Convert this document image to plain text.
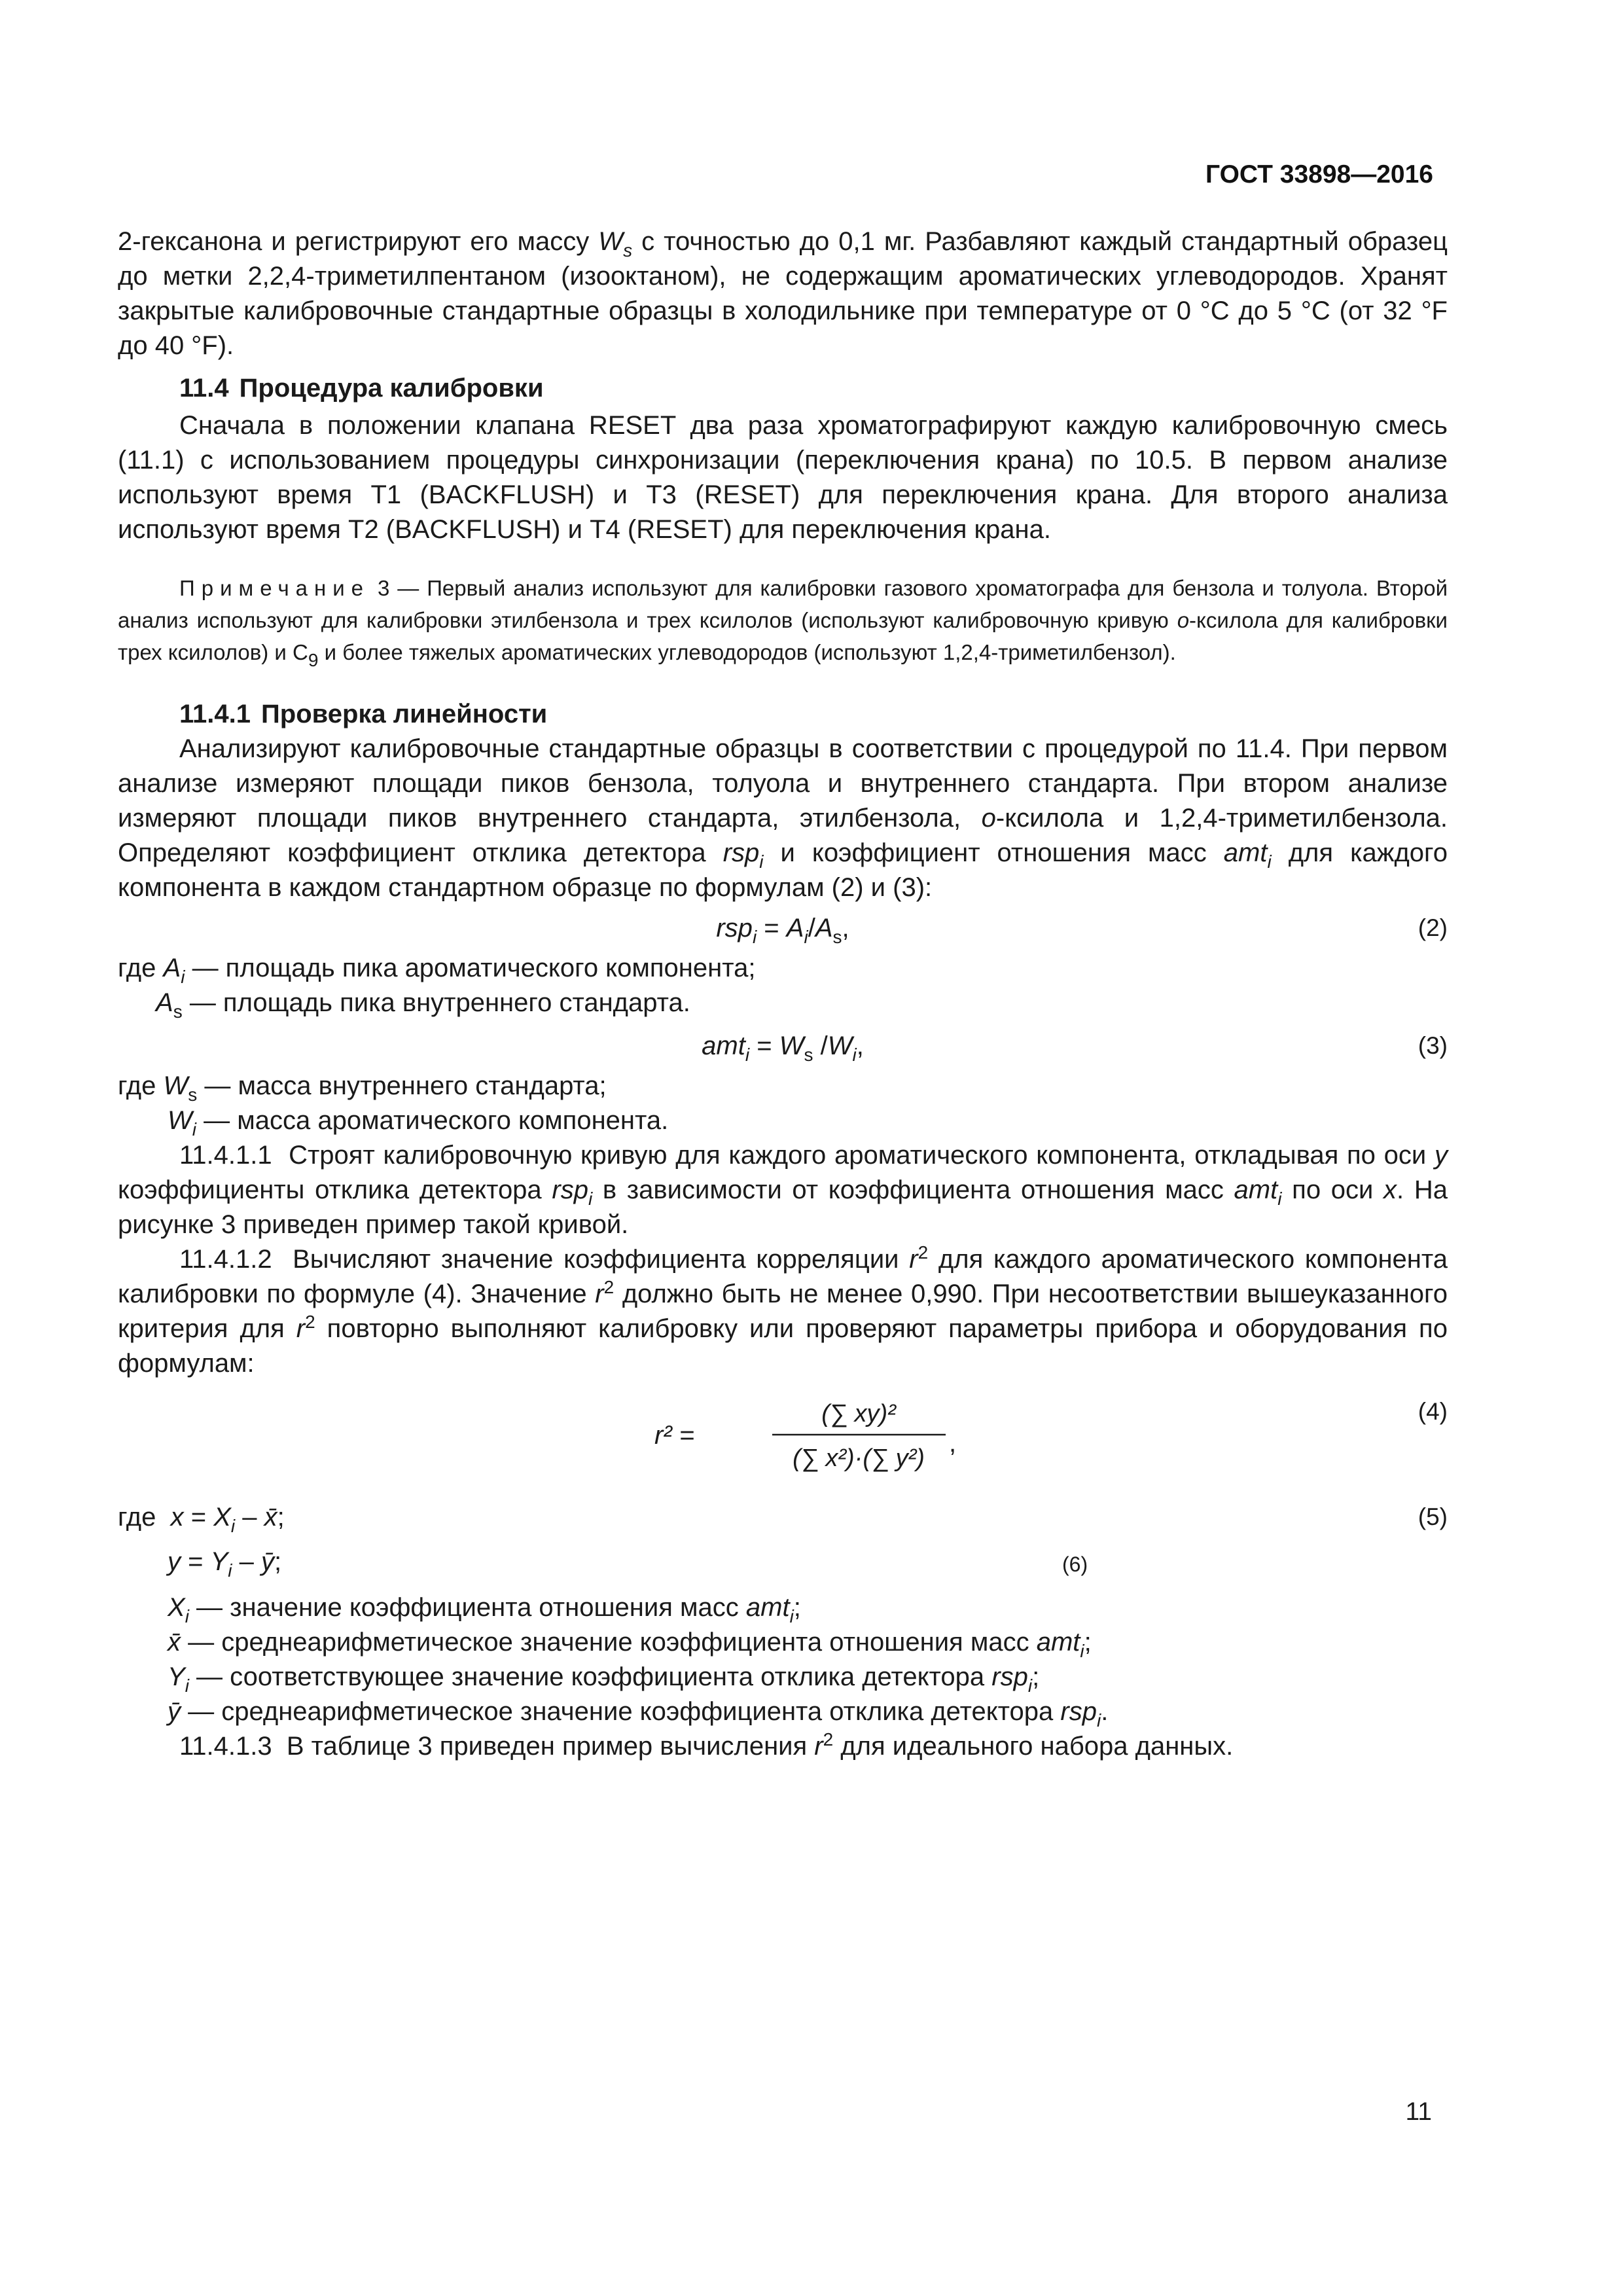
ГОСТ 33898—2016

2-гексанона и регистрируют его массу $W_s$ с точностью до 0,1 мг. Разбавляют каждый стандартный образец до метки 2,2,4-триметилпентаном (изооктаном), не содержащим ароматических углеводородов. Хранят закрытые калибровочные стандартные образцы в холодильнике при температуре от 0 °С до 5 °С (от 32 °F до 40 °F).

11.4 Процедура калибровки

Сначала в положении клапана RESET два раза хроматографируют каждую калибровочную смесь (11.1) с использованием процедуры синхронизации (переключения крана) по 10.5. В первом анализе используют время T1 (BACKFLUSH) и Т3 (RESET) для переключения крана. Для второго анализа используют время Т2 (BACKFLUSH) и Т4 (RESET) для переключения крана.

Примечание 3 — Первый анализ используют для калибровки газового хроматографа для бензола и толуола. Второй анализ используют для калибровки этилбензола и трех ксилолов (используют калибровочную кривую о-ксилола для калибровки трех ксилолов) и $С_9$ и более тяжелых ароматических углеводородов (используют 1,2,4-триметилбензол).
11.4.1 Проверка линейности

Анализируют калибровочные стандартные образцы в соответствии с процедурой по 11.4. При первом анализе измеряют площади пиков бензола, толуола и внутреннего стандарта. При втором анализе измеряют площади пиков внутреннего стандарта, этилбензола, о-ксилола и 1,2,4-триметилбензола. Определяют коэффициент отклика детектора rsp$_i$ и коэффициент отношения масс amt$_i$ для каждого компонента в каждом стандартном образце по формулам (2) и (3):

$rsp_i = A_i/A_s$,	(2)
где $A_i$ — площадь пика ароматического компонента;
$A_s$ — площадь пика внутреннего стандарта.
$amt_i = W_s$ $/W_i$,	(3)
где $W_s$ — масса внутреннего стандарта;
$W_i$ — масса ароматического компонента.

11.4.1.1 Строят калибровочную кривую для каждого ароматического компонента, откладывая по оси у коэффициенты отклика детектора rsp$_i$ в зависимости от коэффициента отношения масс amt$_i$ по оси х. На рисунке 3 приведен пример такой кривой.

11.4.1.2 Вычисляют значение коэффициента корреляции $r^2$ для каждого ароматического компонента калибровки по формуле (4). Значение $r^2$ должно быть не менее 0,990. При несоответствии вышеуказанного критерия для $r^2$ повторно выполняют калибровку или проверяют параметры прибора и оборудования по формулам:

r² =
(∑ xy)²
(∑ x²)·(∑ y²)
,
(4)
где $x = X_i$ – x̄;	(5)
$y = Y_i$ – ȳ;	(6)
$X_i$ — значение коэффициента отношения масс amt$_i$;
x̄ — среднеарифметическое значение коэффициента отношения масс amt$_i$;
$Y_i$ — соответствующее значение коэффициента отклика детектора rsp$_i$;
ȳ — среднеарифметическое значение коэффициента отклика детектора rsp$_i$.

11.4.1.3 В таблице 3 приведен пример вычисления $r^2$ для идеального набора данных.

11
